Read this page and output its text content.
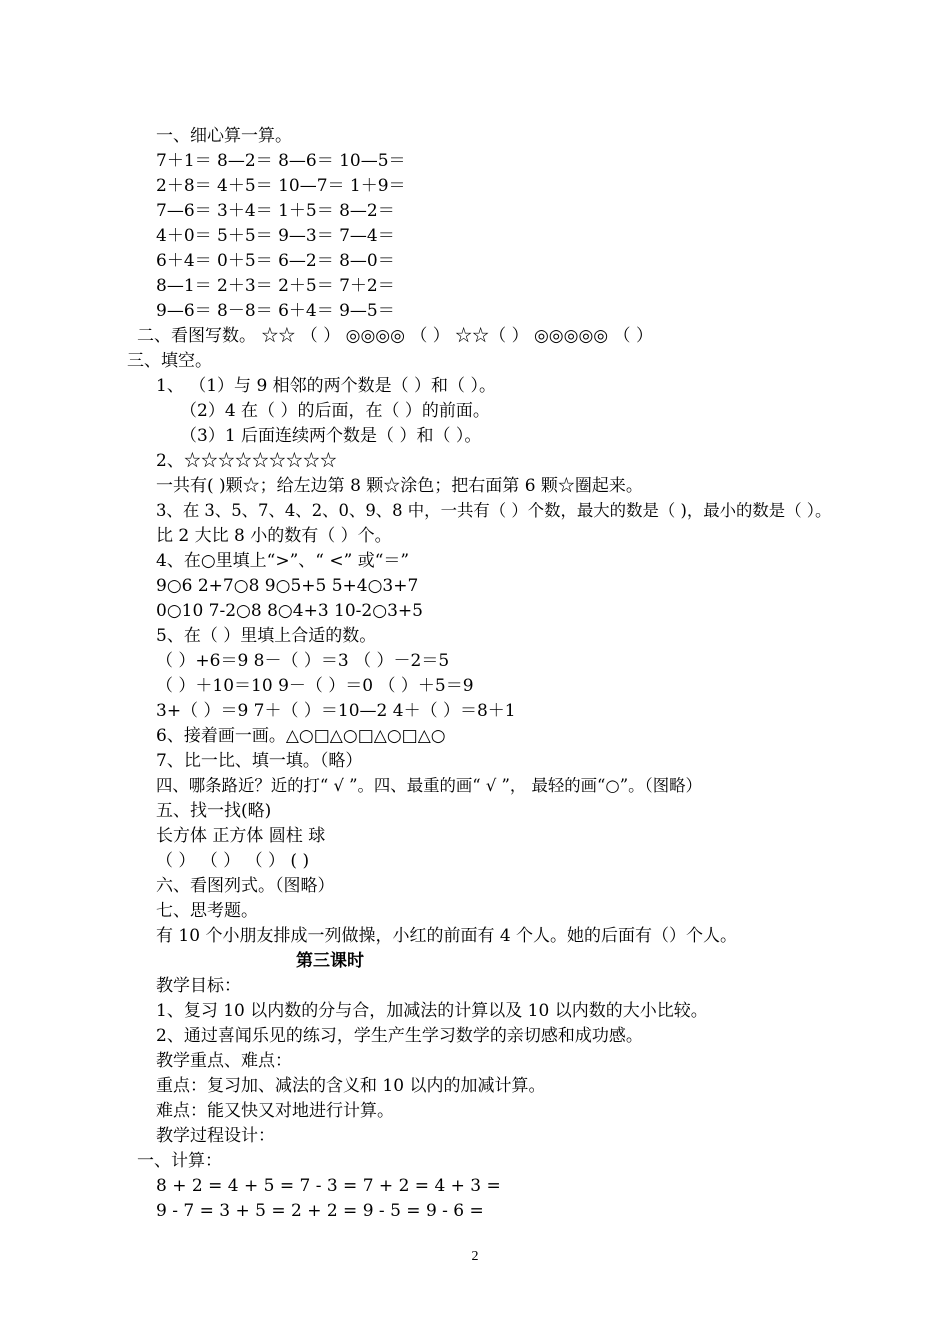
一、细心算一算。
7＋1＝ 8—2＝ 8—6＝ 10—5＝
2＋8＝ 4＋5＝ 10—7＝ 1＋9＝
7—6＝ 3＋4＝ 1＋5＝ 8—2＝
4＋0＝ 5＋5＝ 9—3＝ 7—4＝
6＋4＝ 0＋5＝ 6—2＝ 8—0＝
8—1＝ 2＋3＝ 2＋5＝ 7＋2＝
9—6＝ 8－8＝ 6＋4＝ 9—5＝
二、看图写数。 ☆☆ （ ） ◎◎◎◎ （ ） ☆☆（ ） ◎◎◎◎◎ （ ）
三、填空。
1、 （1）与 9 相邻的两个数是（ ）和（ ）。
（2）4 在（ ）的后面，在（ ）的前面。
（3）1 后面连续两个数是（ ）和（ ）。
2、☆☆☆☆☆☆☆☆☆
一共有( )颗☆；给左边第 8 颗☆涂色；把右面第 6 颗☆圈起来。
3、在 3、5、7、4、2、0、9、8 中，一共有（ ）个数，最大的数是（ )，最小的数是（ ）。
比 2 大比 8 小的数有（ ）个。
4、在○里填上“>”、“ <” 或“＝”
9○6 2+7○8 9○5+5 5+4○3+7
0○10 7-2○8 8○4+3 10-2○3+5
5、在（ ）里填上合适的数。
（ ）+6＝9 8－（ ）＝3 （ ）－2＝5
（ ）＋10＝10 9－（ ）＝0 （ ）＋5＝9
3+（ ）＝9 7＋（ ）＝10—2 4＋（ ）＝8＋1
6、接着画一画。△○□△○□△○□△○
7、比一比、填一填。（略）
四、哪条路近？近的打“ √ ”。四、最重的画“ √ ”， 最轻的画“○”。（图略）
五、找一找(略)
长方体 正方体 圆柱 球
（ ） （ ） （ ） ( )
六、看图列式。（图略）
七、思考题。
有 10 个小朋友排成一列做操，小红的前面有 4 个人。她的后面有（）个人。
第三课时
教学目标：
1、复习 10 以内数的分与合，加减法的计算以及 10 以内数的大小比较。
2、通过喜闻乐见的练习，学生产生学习数学的亲切感和成功感。
教学重点、难点：
重点：复习加、减法的含义和 10 以内的加减计算。
难点：能又快又对地进行计算。
教学过程设计：
一、计算：
8 + 2 = 4 + 5 = 7 - 3 = 7 + 2 = 4 + 3 =
9 - 7 = 3 + 5 = 2 + 2 = 9 - 5 = 9 - 6 =
2
